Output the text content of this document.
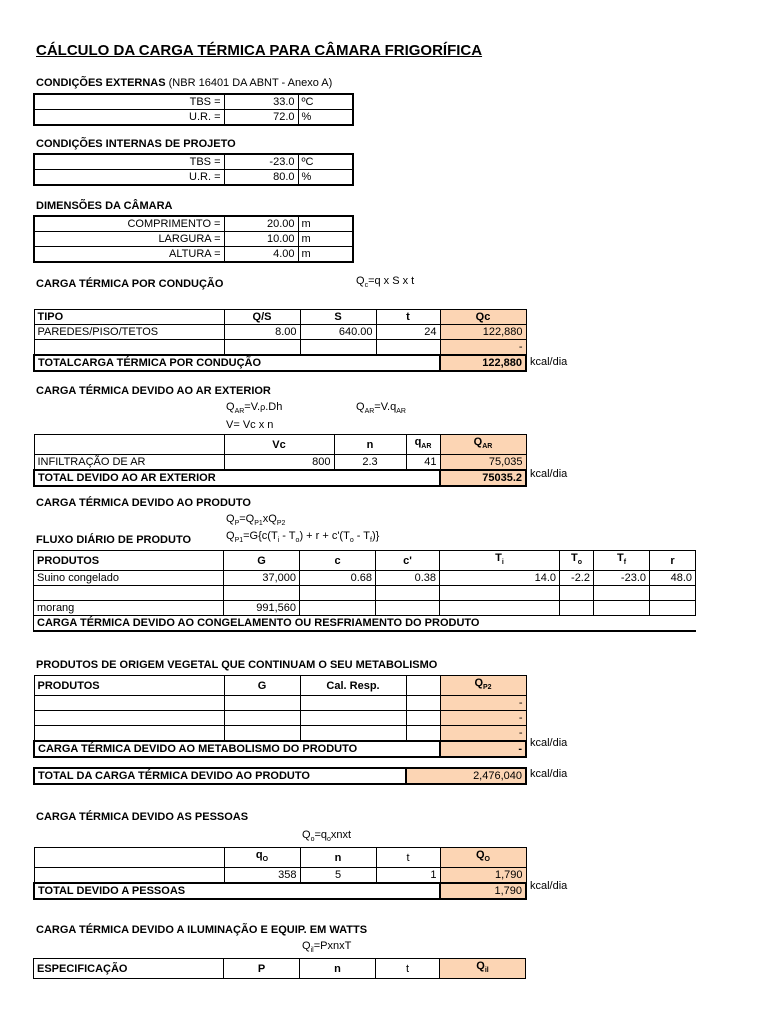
CÁLCULO DA CARGA TÉRMICA PARA CÂMARA FRIGORÍFICA
CONDIÇÕES EXTERNAS (NBR 16401 DA ABNT - Anexo A)
TBS =	33.0	ºC
U.R. =	72.0	%
CONDIÇÕES INTERNAS DE PROJETO
TBS =	-23.0	ºC
U.R. =	80.0	%
DIMENSÕES DA CÂMARA
COMPRIMENTO =	20.00	m
LARGURA =	10.00	m
ALTURA =	4.00	m
CARGA TÉRMICA POR CONDUÇÃO	$Q_c=q$ x S x t
TIPO	Q/S	S	t	Qc
PAREDES/PISO/TETOS	8.00	640.00	24	122,880
				-
TOTALCARGA TÉRMICA POR CONDUÇÃO				122,880 kcal/dia
CARGA TÉRMICA DEVIDO AO AR EXTERIOR
$Q_{AR}=V.\rho.Dh$	$Q_{AR}=V.q_{AR}$
V= Vc x n
	Vc	n	$q_{AR}$	$Q_{AR}$
INFILTRAÇÃO DE AR	800	2.3	41	75,035
TOTAL DEVIDO AO AR EXTERIOR				75035.2 kcal/dia
CARGA TÉRMICA DEVIDO AO PRODUTO
$Q_P=Q_{P1}xQ_{P2}$
FLUXO DIÁRIO DE PRODUTO	$Q_{P1}=G\{c(T_i - T_o) + r + c'(T_o - T_f)\}$
PRODUTOS	G	c	c'	$T_i$	$T_o$	$T_f$	r
Suino congelado	37,000	0.68	0.38	14.0	-2.2	-23.0	48.0

morang	991,560						
CARGA TÉRMICA DEVIDO AO CONGELAMENTO OU RESFRIAMENTO DO PRODUTO							
PRODUTOS DE ORIGEM VEGETAL QUE CONTINUAM O SEU METABOLISMO
PRODUTOS	G	Cal. Resp.		$Q_{P2}$
				-
				-
				-
CARGA TÉRMICA DEVIDO AO METABOLISMO DO PRODUTO				-
kcal/dia
TOTAL DA CARGA TÉRMICA DEVIDO AO PRODUTO	2,476,040 kcal/dia
CARGA TÉRMICA DEVIDO AS PESSOAS
$Q_o=q_oxnxt$
	$q_O$	n	t	$Q_O$
	358	5	1	1,790
TOTAL DEVIDO A PESSOAS				1,790 kcal/dia
CARGA TÉRMICA DEVIDO A ILUMINAÇÃO E EQUIP. EM WATTS
$Q_{il}=PxnxT$
ESPECIFICAÇÃO	P	n	t	$Q_{il}$
